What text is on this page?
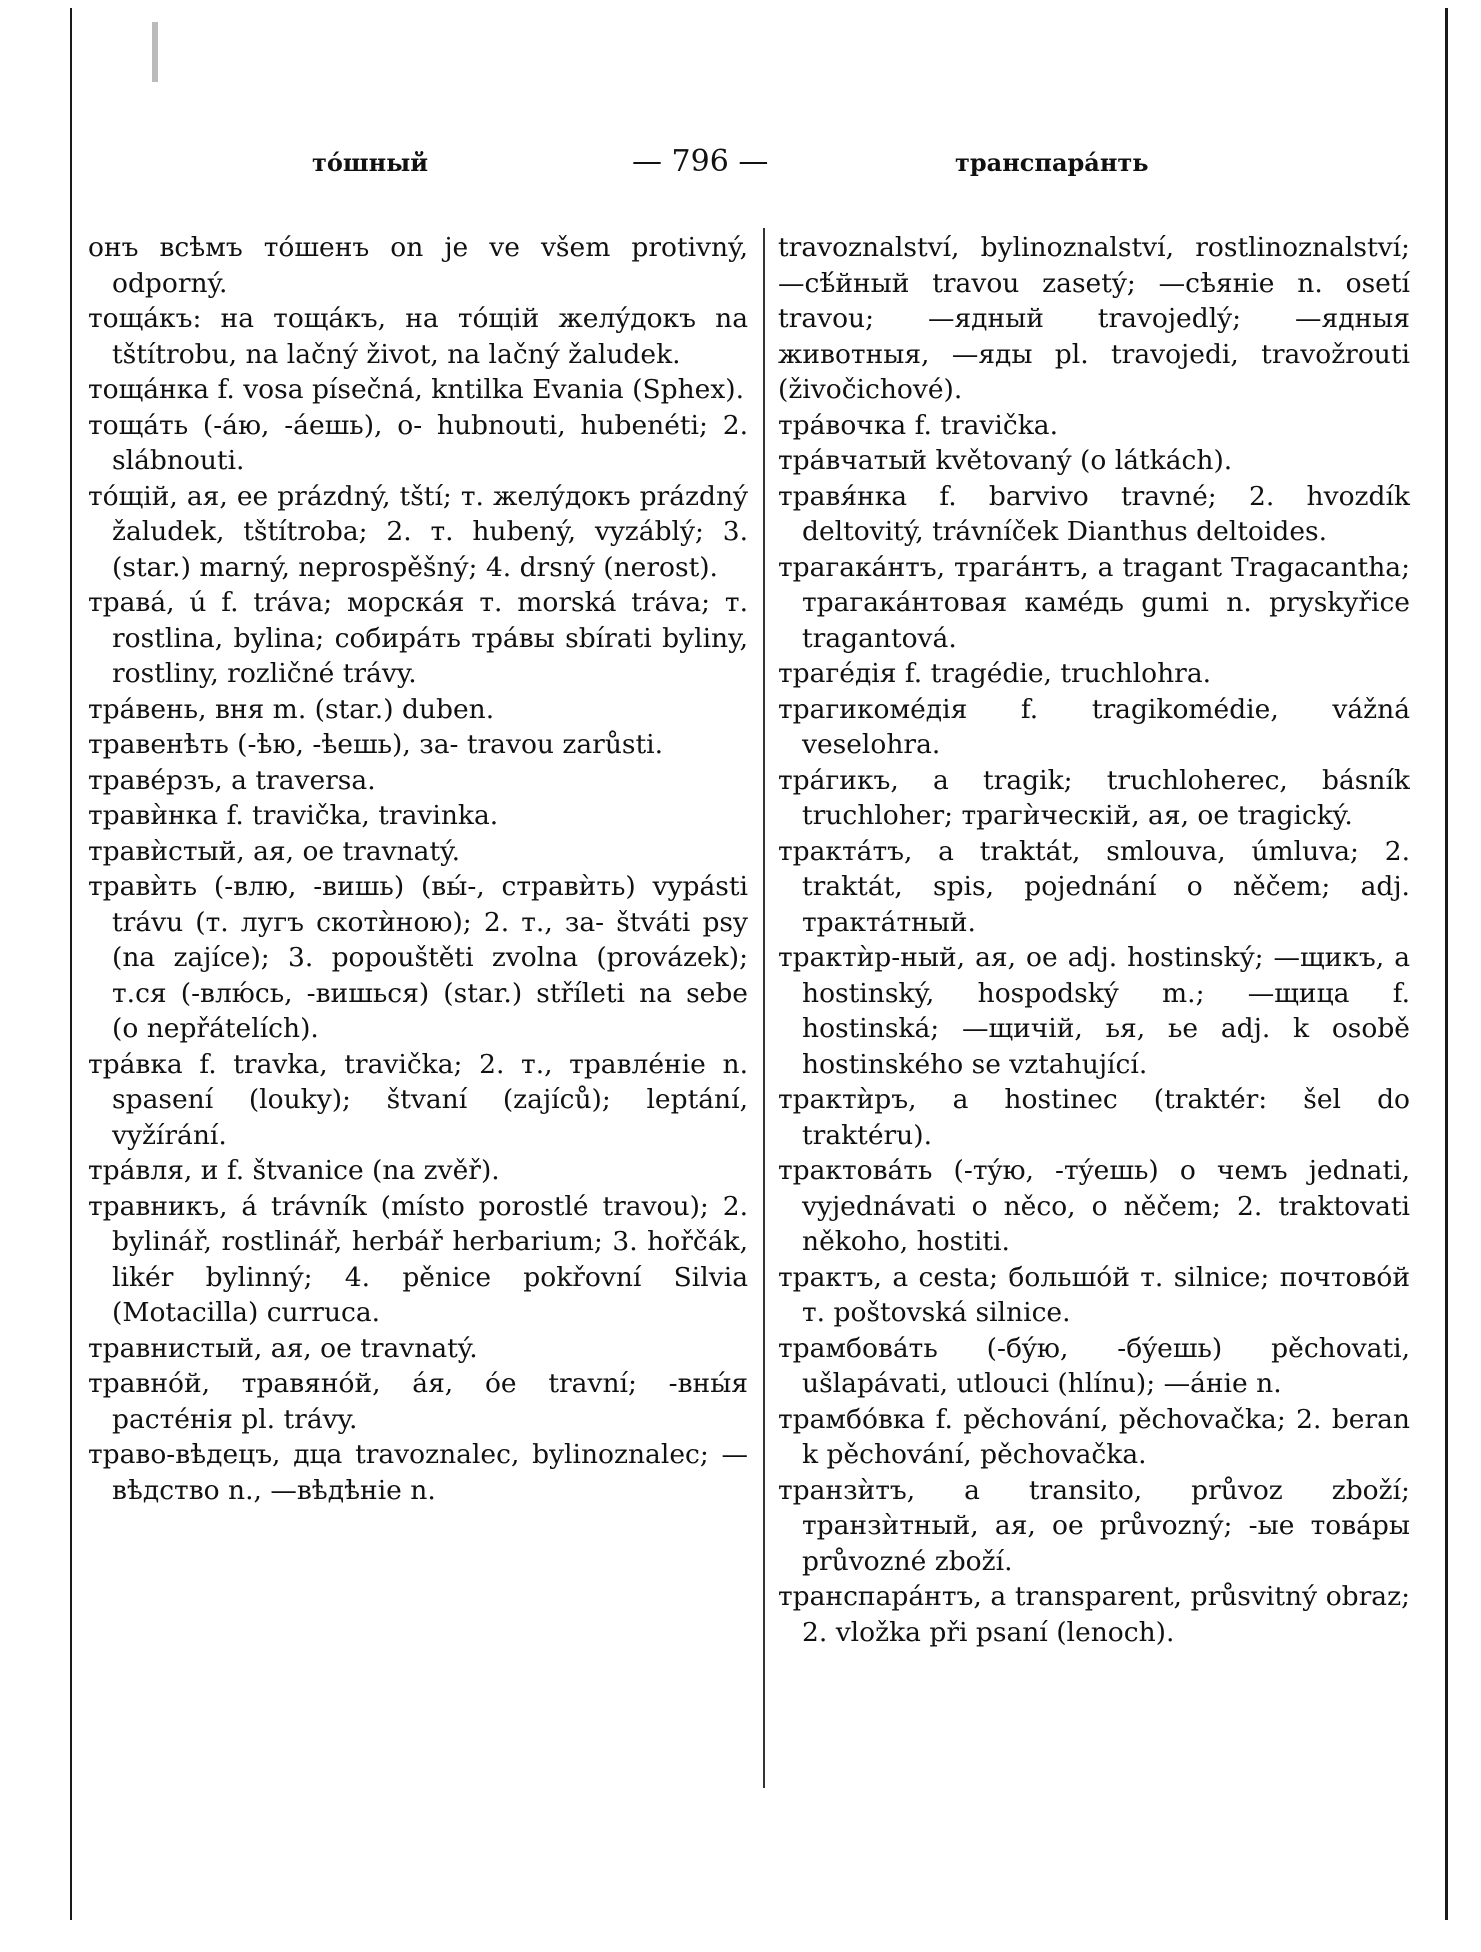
тóшный	— 796 —	транспарáнть

онъ всѣмъ тóшенъ on je ve všem protivný, odporný.

тощáкъ: на тощáкъ, на тóщiй желýдокъ na tštítrobu, na lačný život, na lačný žaludek.

тощáнка f. vosa písečná, kntilka Evania (Sphex).

тощáть (-áю, -áешь), о- hubnouti, hubenéti; 2. slábnouti.

тóщiй, ая, ее prázdný, tští; т. желýдокъ prázdný žaludek, tštítroba; 2. т. hubený, vyzáblý; 3. (star.) marný, neprospěšný; 4. drsný (nerost).

травá, ú f. tráva; морскáя т. morská tráva; т. rostlina, bylina; собирáть трáвы sbírati byliny, rostliny, rozličné trávy.

трáвень, вня m. (star.) duben.

травенѣть (-ѣю, -ѣешь), за- travou zarůsti.

травéрзъ, а traversa.

травѝнка f. travička, travinka.

травѝстый, ая, ое travnatý.

травѝть (-влю, -вишь) (вы́-, стравѝть) vypásti trávu (т. лугъ скотѝною); 2. т., за- štváti psy (na zajíce); 3. popouštěti zvolna (provázek); т.ся (-влю́сь, -вишься) (star.) stříleti na sebe (o nepřátelích).

трáвка f. travka, travička; 2. т., травлéнiе n. spasení (louky); štvaní (zajíců); leptání, vyžírání.

трáвля, и f. štvanice (na zvěř).

травникъ, á trávník (místo porostlé travou); 2. bylinář, rostlinář, herbář herbarium; 3. hořčák, likér bylinný; 4. pěnice pokřovní Silvia (Motacilla) curruca.

травнистый, ая, ое travnatý.

травнóй, травянóй, áя, óе travní; -вны́я растéнiя pl. trávy.

траво-вѣдецъ, дца travoznalec, bylinoznalec; —вѣдство n., —вѣдѣнiе n.

travoznalství, bylinoznalství, rostlinoznalství; —сѣ́йный travou zasetý; —сѣянiе n. osetí travou; —ядный travojedlý; —ядныя животныя, —яды pl. travojedi, travožrouti (živočichové).

трáвочка f. travička.

трáвчатый květovaný (o látkách).

травя́нка f. barvivo travné; 2. hvozdík deltovitý, trávníček Dianthus deltoides.

трагакáнтъ, трагáнтъ, а tragant Tragacantha; трагакáнтовая камéдь gumi n. pryskyřice tragantová.

трагéдiя f. tragédie, truchlohra.

трагикомéдiя f. tragikomédie, vážná veselohra.

трáгикъ, а tragik; truchloherec, básník truchloher; трагѝческiй, ая, ое tragický.

трактáтъ, а traktát, smlouva, úmluva; 2. traktát, spis, pojednání o něčem; adj. трактáтный.

трактѝр-ный, ая, ое adj. hostinský; —щикъ, а hostinský, hospodský m.; —щица f. hostinská; —щичiй, ья, ье adj. k osobě hostinského se vztahující.

трактѝръ, а hostinec (traktér: šel do traktéru).

трактовáть (-тýю, -тýешь) о чемъ jednati, vyjednávati o něco, o něčem; 2. traktovati někoho, hostiti.

трактъ, а cesta; большóй т. silnice; почтовóй т. poštovská silnice.

трамбовáть (-бýю, -бýешь) pěchovati, ušlapávati, utlouci (hlínu); —áнiе n.

трамбóвка f. pěchování, pěchovačka; 2. beran k pěchování, pěchovačka.

транзѝтъ, а transito, průvoz zboží; транзѝтный, ая, ое průvozný; -ые товáры průvozné zboží.

транспарáнтъ, а transparent, průsvitný obraz; 2. vložka při psaní (lenoch).
